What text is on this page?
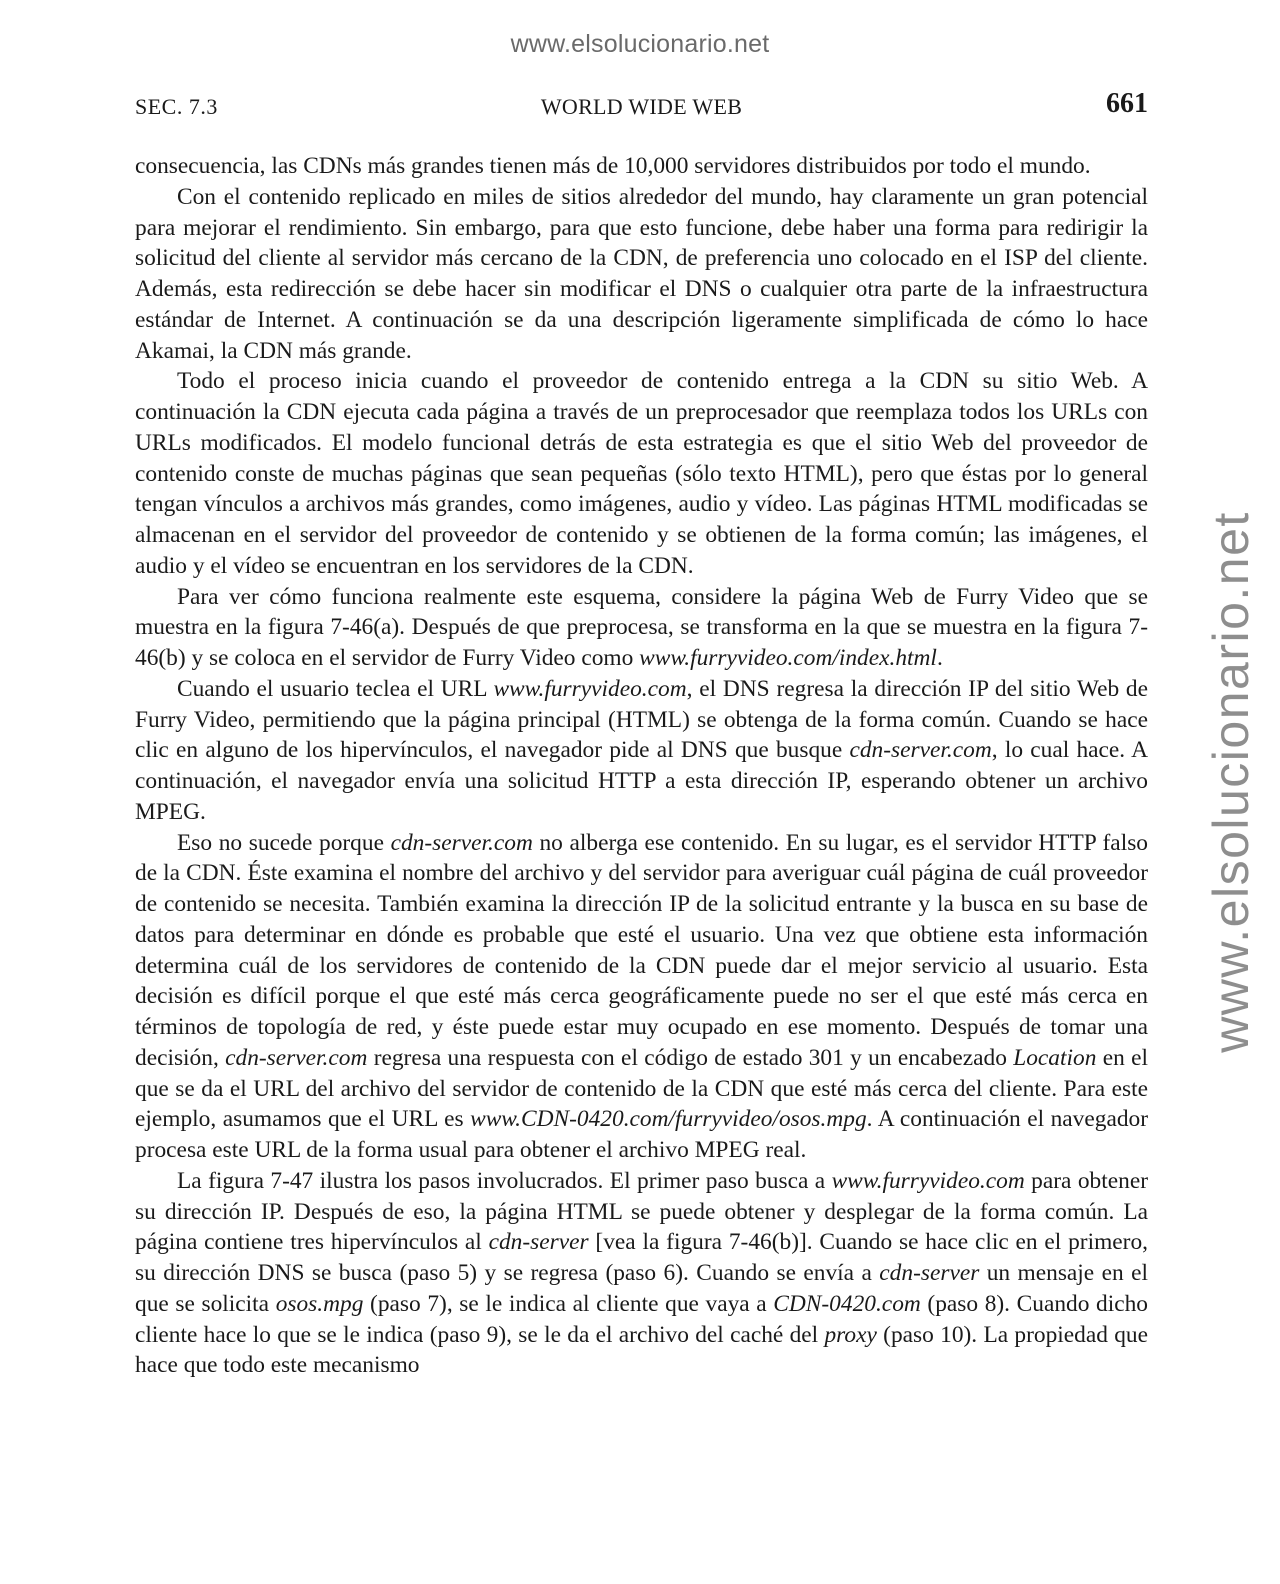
www.elsolucionario.net
www.elsolucionario.net
SEC. 7.3	WORLD WIDE WEB	661

consecuencia, las CDNs más grandes tienen más de 10,000 servidores distribuidos por todo el mundo.

Con el contenido replicado en miles de sitios alrededor del mundo, hay claramente un gran potencial para mejorar el rendimiento. Sin embargo, para que esto funcione, debe haber una forma para redirigir la solicitud del cliente al servidor más cercano de la CDN, de preferencia uno colocado en el ISP del cliente. Además, esta redirección se debe hacer sin modificar el DNS o cualquier otra parte de la infraestructura estándar de Internet. A continuación se da una descripción ligeramente simplificada de cómo lo hace Akamai, la CDN más grande.

Todo el proceso inicia cuando el proveedor de contenido entrega a la CDN su sitio Web. A continuación la CDN ejecuta cada página a través de un preprocesador que reemplaza todos los URLs con URLs modificados. El modelo funcional detrás de esta estrategia es que el sitio Web del proveedor de contenido conste de muchas páginas que sean pequeñas (sólo texto HTML), pero que éstas por lo general tengan vínculos a archivos más grandes, como imágenes, audio y vídeo. Las páginas HTML modificadas se almacenan en el servidor del proveedor de contenido y se obtienen de la forma común; las imágenes, el audio y el vídeo se encuentran en los servidores de la CDN.

Para ver cómo funciona realmente este esquema, considere la página Web de Furry Video que se muestra en la figura 7-46(a). Después de que preprocesa, se transforma en la que se muestra en la figura 7-46(b) y se coloca en el servidor de Furry Video como www.furryvideo.com/index.html.

Cuando el usuario teclea el URL www.furryvideo.com, el DNS regresa la dirección IP del sitio Web de Furry Video, permitiendo que la página principal (HTML) se obtenga de la forma común. Cuando se hace clic en alguno de los hipervínculos, el navegador pide al DNS que busque cdn-server.com, lo cual hace. A continuación, el navegador envía una solicitud HTTP a esta dirección IP, esperando obtener un archivo MPEG.

Eso no sucede porque cdn-server.com no alberga ese contenido. En su lugar, es el servidor HTTP falso de la CDN. Éste examina el nombre del archivo y del servidor para averiguar cuál página de cuál proveedor de contenido se necesita. También examina la dirección IP de la solicitud entrante y la busca en su base de datos para determinar en dónde es probable que esté el usuario. Una vez que obtiene esta información determina cuál de los servidores de contenido de la CDN puede dar el mejor servicio al usuario. Esta decisión es difícil porque el que esté más cerca geográficamente puede no ser el que esté más cerca en términos de topología de red, y éste puede estar muy ocupado en ese momento. Después de tomar una decisión, cdn-server.com regresa una respuesta con el código de estado 301 y un encabezado Location en el que se da el URL del archivo del servidor de contenido de la CDN que esté más cerca del cliente. Para este ejemplo, asumamos que el URL es www.CDN-0420.com/furryvideo/osos.mpg. A continuación el navegador procesa este URL de la forma usual para obtener el archivo MPEG real.

La figura 7-47 ilustra los pasos involucrados. El primer paso busca a www.furryvideo.com para obtener su dirección IP. Después de eso, la página HTML se puede obtener y desplegar de la forma común. La página contiene tres hipervínculos al cdn-server [vea la figura 7-46(b)]. Cuando se hace clic en el primero, su dirección DNS se busca (paso 5) y se regresa (paso 6). Cuando se envía a cdn-server un mensaje en el que se solicita osos.mpg (paso 7), se le indica al cliente que vaya a CDN-0420.com (paso 8). Cuando dicho cliente hace lo que se le indica (paso 9), se le da el archivo del caché del proxy (paso 10). La propiedad que hace que todo este mecanismo
